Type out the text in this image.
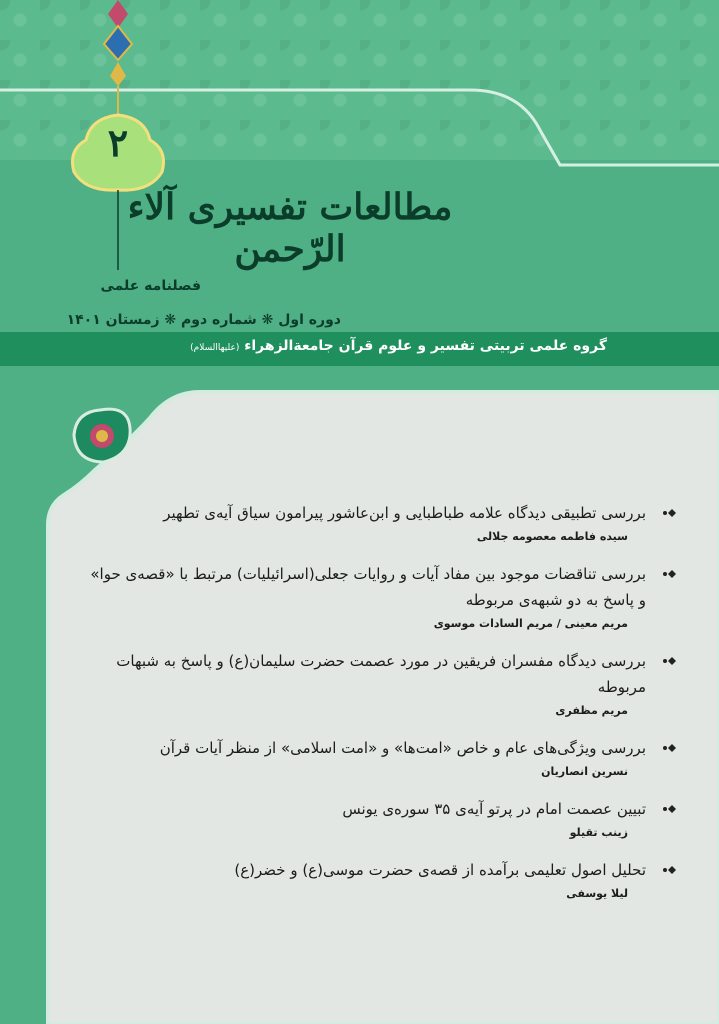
۲
مطالعات تفسیری آلاء الرّحمن
فصلنامه علمی
دوره اول ❋ شماره دوم ❋ زمستان ۱۴۰۱
گروه علمی تربیتی تفسیر و علوم قرآن جامعة‌الزهراء (علیها‌السلام)
بررسی تطبیقی دیدگاه علامه طباطبایی و ابن‌عاشور پیرامون سیاق آیه‌ی تطهیر
سیده فاطمه معصومه جلالی
بررسی تناقضات موجود بین مفاد آیات و روایات جعلی(اسرائیلیات) مرتبط با «قصه‌ی حوا» و پاسخ به دو شبهه‌ی مربوطه
مریم معینی / مریم السادات موسوی
بررسی دیدگاه مفسران فریقین در مورد عصمت حضرت سلیمان(ع) و پاسخ به شبهات مربوطه
مریم مظفری
بررسی ویژگی‌های عام و خاص «امت‌ها» و «امت اسلامی» از منظر آیات قرآن
نسرین انصاریان
تبیین عصمت امام در پرتو آیه‌ی ۳۵ سوره‌ی یونس
زینب تقیلو
تحلیل اصول تعلیمی برآمده از قصه‌ی حضرت موسی(ع) و خضر(ع)
لیلا یوسفی
